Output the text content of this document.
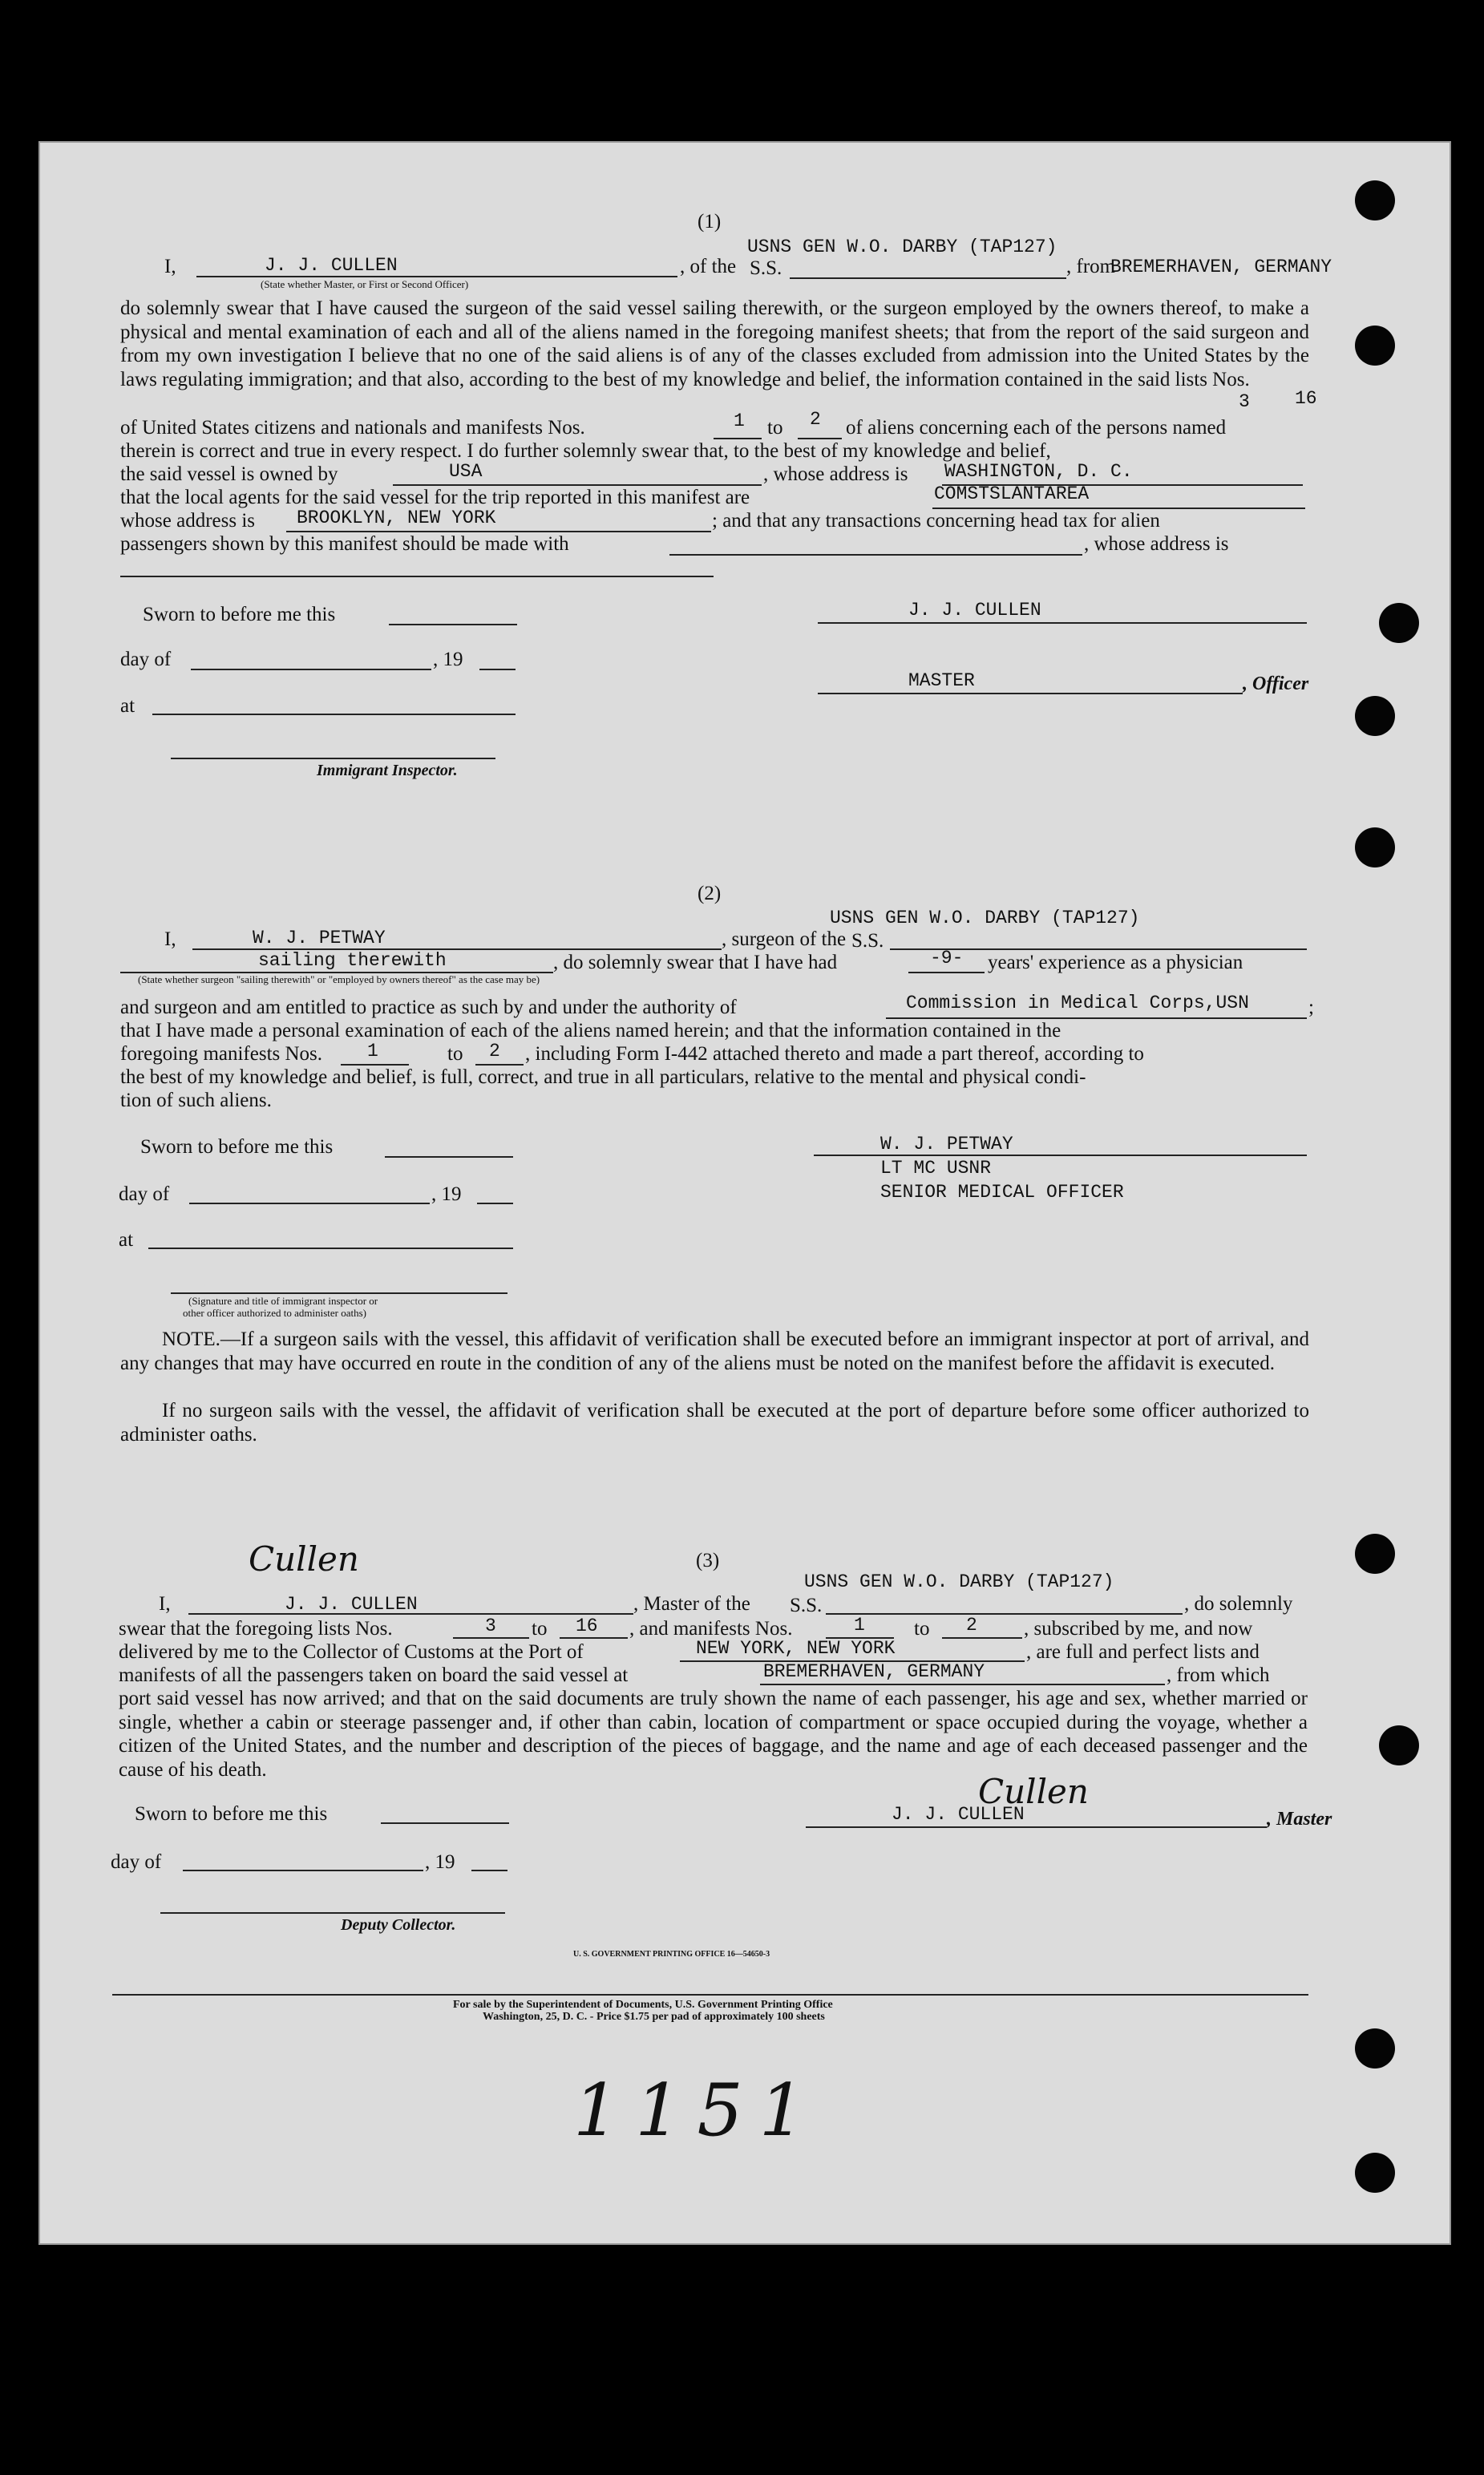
(1)
I,	J. J. CULLEN	, of the
USNS GEN W.O. DARBY (TAP127)
S.S.	, from
BREMERHAVEN, GERMANY
(State whether Master, or First or Second Officer)
do solemnly swear that I have caused the surgeon of the said vessel sailing therewith, or the surgeon employed by the owners thereof, to make a physical and mental examination of each and all of the aliens named in the foregoing manifest sheets; that from the report of the said surgeon and from my own investigation I believe that no one of the said aliens is of any of the classes excluded from admission into the United States by the laws regulating immigration; and that also, according to the best of my knowledge and belief, the information contained in the said lists Nos.
3 16
of United States citizens and nationals and manifests Nos.	1 to 2 of aliens concerning each of the persons named
therein is correct and true in every respect. I do further solemnly swear that, to the best of my knowledge and belief,
the said vessel is owned by	USA	, whose address is WASHINGTON, D. C.
that the local agents for the said vessel for the trip reported in this manifest are	COMSTSLANTAREA
whose address is BROOKLYN, NEW YORK	; and that any transactions concerning head tax for alien
passengers shown by this manifest should be made with	, whose address is
Sworn to before me this
day of	, 19
at
Immigrant Inspector.
J. J. CULLEN
MASTER	, Officer
(2)
USNS GEN W.O. DARBY (TAP127)
I,	W. J. PETWAY	, surgeon of the S.S.
sailing therewith	, do solemnly swear that I have had	-9- years' experience as a physician
(State whether surgeon "sailing therewith" or "employed by owners thereof" as the case may be)
and surgeon and am entitled to practice as such by and under the authority of	Commission in Medical Corps,USN	;
that I have made a personal examination of each of the aliens named herein; and that the information contained in the
foregoing manifests Nos. 1	to 2 , including Form I-442 attached thereto and made a part thereof, according to
the best of my knowledge and belief, is full, correct, and true in all particulars, relative to the mental and physical condi-
tion of such aliens.
Sworn to before me this
day of	, 19
at
(Signature and title of immigrant inspector or
other officer authorized to administer oaths)
W. J. PETWAY
LT MC USNR
SENIOR MEDICAL OFFICER
NOTE.—If a surgeon sails with the vessel, this affidavit of verification shall be executed before an immigrant inspector at port of arrival, and any changes that may have occurred en route in the condition of any of the aliens must be noted on the manifest before the affidavit is executed.
If no surgeon sails with the vessel, the affidavit of verification shall be executed at the port of departure before some officer authorized to administer oaths.
(3)
USNS GEN W.O. DARBY (TAP127)
Cullen
I,	J. J. CULLEN	, Master of the S.S.	, do solemnly
swear that the foregoing lists Nos.	3 to 16 , and manifests Nos.	1 to 2 , subscribed by me, and now
delivered by me to the Collector of Customs at the Port of	NEW YORK, NEW YORK	, are full and perfect lists and
manifests of all the passengers taken on board the said vessel at	BREMERHAVEN, GERMANY	, from which
port said vessel has now arrived; and that on the said documents are truly shown the name of each passenger, his age and sex, whether married or single, whether a cabin or steerage passenger and, if other than cabin, location of compartment or space occupied during the voyage, whether a citizen of the United States, and the number and description of the pieces of baggage, and the name and age of each deceased passenger and the cause of his death.
Sworn to before me this
day of	, 19
Deputy Collector.
J. J. CULLEN
Cullen
, Master
U. S. GOVERNMENT PRINTING OFFICE 16—54650-3
For sale by the Superintendent of Documents, U.S. Government Printing Office
Washington, 25, D. C. - Price $1.75 per pad of approximately 100 sheets
1151
